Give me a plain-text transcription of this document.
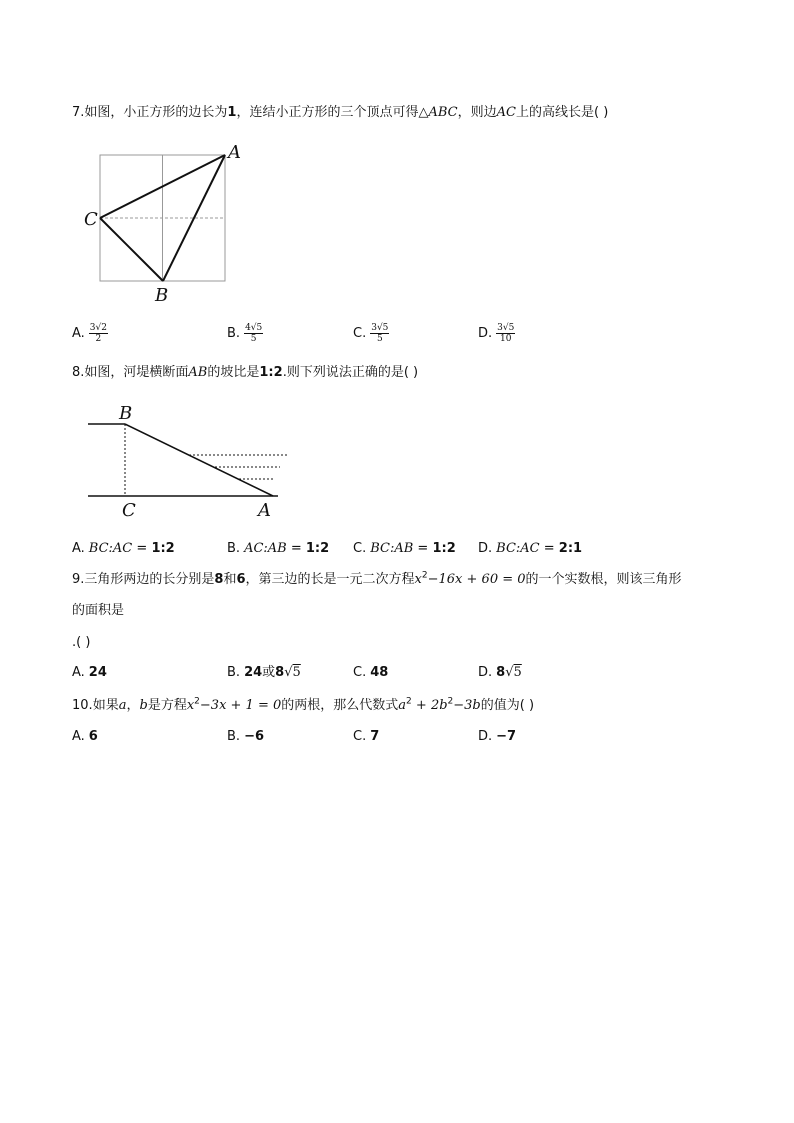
7.如图，小正方形的边长为1，连结小正方形的三个顶点可得△ABC，则边AC上的高线长是( )
A
C
B
A. $\frac{3√2}{2}$	B. $\frac{4√5}{5}$	C. $\frac{3√5}{5}$	D. $\frac{3√5}{10}$
8.如图，河堤横断面AB的坡比是1:2.则下列说法正确的是( )
B
C	A
A. BC:AC = 1:2	B. AC:AB = 1:2 C. BC:AB = 1:2 D. BC:AC = 2:1
9.三角形两边的长分别是8和6，第三边的长是一元二次方程$x^2-16x + 60 = 0$的一个实数根，则该三角形
的面积是
.( )
A. 24	B. 24或8√5	C. 48	D. 8√5
10.如果a，b是方程$x^2-3x + 1 = 0$的两根，那么代数式$a^2 + 2b^2-3b$的值为( )
A. 6	B. −6	C. 7	D. −7
